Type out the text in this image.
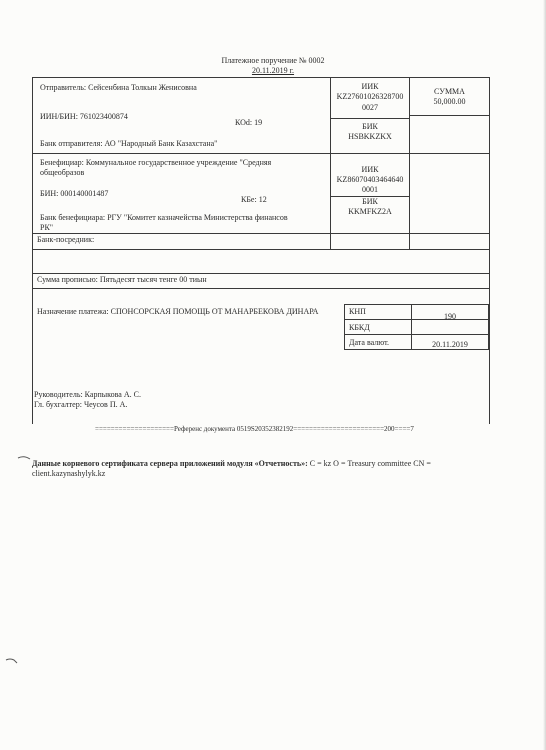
Платежное поручение № 0002
20.11.2019 г.
Отправитель: Сейсенбина Толкын Женисовна
ИИН/БИН: 761023400874
КОd: 19
Банк отправителя: АО "Народный Банк Казахстана"
ИИК
KZ27601026328700
0027
БИК
HSBKKZKX
СУММА
50,000.00
Бенефициар: Коммунальное государственное учреждение "Средняя
общеобразов
БИН: 000140001487
КБе: 12
Банк бенефициара: РГУ "Комитет казначейства Министерства финансов
РК"
ИИК
KZ86070403464640
0001
БИК
KKMFKZ2A
Банк-посредник:
Сумма прописью: Пятьдесят тысяч тенге 00 тиын
Назначение платежа: СПОНСОРСКАЯ ПОМОЩЬ ОТ МАНАРБЕКОВА ДИНАРА	КНП
190
КБКД
Дата валют.	20.11.2019
Руководитель: Карпыкова А. С.
Гл. бухгалтер: Чеусов П. А.
====================Референс документа 0519S20352382192=======================200====7
Данные корневого сертификата сервера приложений модуля «Отчетность»: C = kz O = Treasury committee CN =
client.kazynashylyk.kz
